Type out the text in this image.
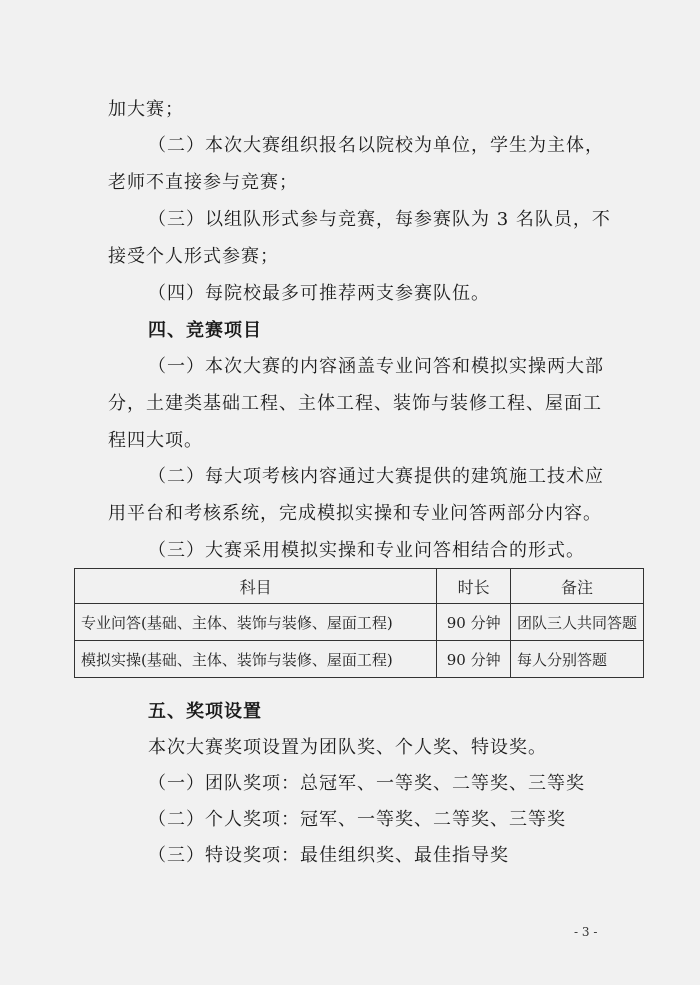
加大赛；
（二）本次大赛组织报名以院校为单位，学生为主体，
老师不直接参与竞赛；
（三）以组队形式参与竞赛，每参赛队为 3 名队员，不
接受个人形式参赛；
（四）每院校最多可推荐两支参赛队伍。
四、竞赛项目
（一）本次大赛的内容涵盖专业问答和模拟实操两大部
分，土建类基础工程、主体工程、装饰与装修工程、屋面工
程四大项。
（二）每大项考核内容通过大赛提供的建筑施工技术应
用平台和考核系统，完成模拟实操和专业问答两部分内容。
（三）大赛采用模拟实操和专业问答相结合的形式。
科目	时长	备注
专业问答(基础、主体、装饰与装修、屋面工程)	90 分钟	团队三人共同答题
模拟实操(基础、主体、装饰与装修、屋面工程)	90 分钟	每人分别答题
五、奖项设置
本次大赛奖项设置为团队奖、个人奖、特设奖。
（一）团队奖项：总冠军、一等奖、二等奖、三等奖
（二）个人奖项：冠军、一等奖、二等奖、三等奖
（三）特设奖项：最佳组织奖、最佳指导奖
- 3 -
